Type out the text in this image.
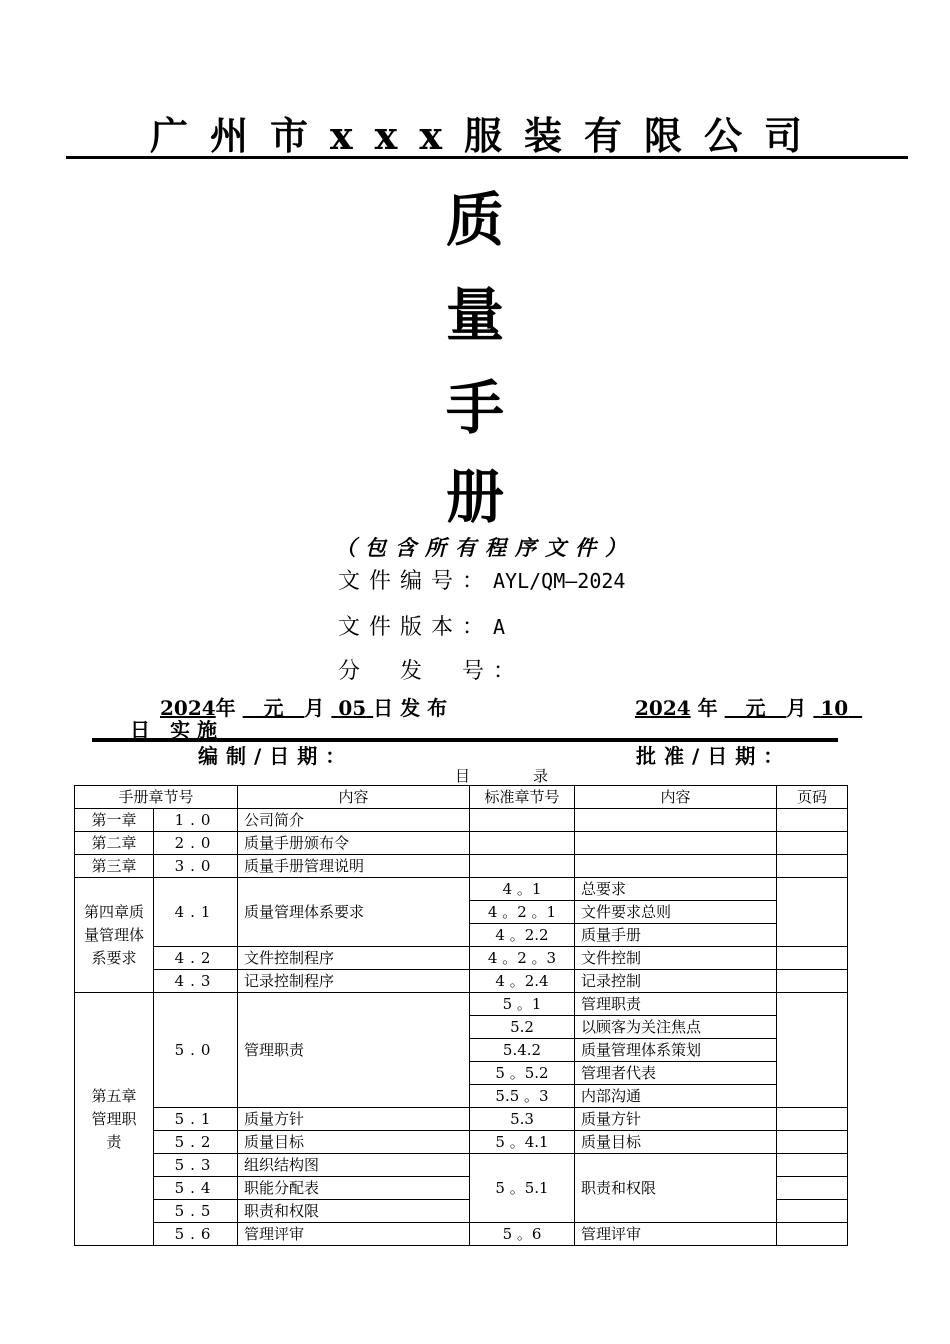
广州市xxx服装有限公司
质
量
手
册
（包含所有程序文件）
文件编号：AYL/QM—2024
文件版本：A
分　发　号：
2024年 元 月 05 日 发 布	2024 年 元 月 10
日　实 施
编制/日期：	批准/日期：
目　录
手册章节号		内容	标准章节号	内容	页码
第一章	1.0	公司简介			
第二章	2.0	质量手册颁布令			
第三章	3.0	质量手册管理说明			
第四章质量管理体系要求	4.1	质量管理体系要求	4 。1	总要求	
			4 。2 。1	文件要求总则	
			4 。2.2	质量手册	
	4.2	文件控制程序	4 。2 。3	文件控制	
	4.3	记录控制程序	4 。2.4	记录控制	
第五章管理职责	5.0	管理职责	5 。1	管理职责	
			5.2	以顾客为关注焦点	
			5.4.2	质量管理体系策划	
			5 。5.2	管理者代表	
			5.5 。3	内部沟通	
	5.1	质量方针	5.3	质量方针	
	5.2	质量目标	5 。4.1	质量目标	
	5.3	组织结构图	5 。5.1	职责和权限	
	5.4	职能分配表			
	5.5	职责和权限			
	5.6	管理评审	5 。6	管理评审	
